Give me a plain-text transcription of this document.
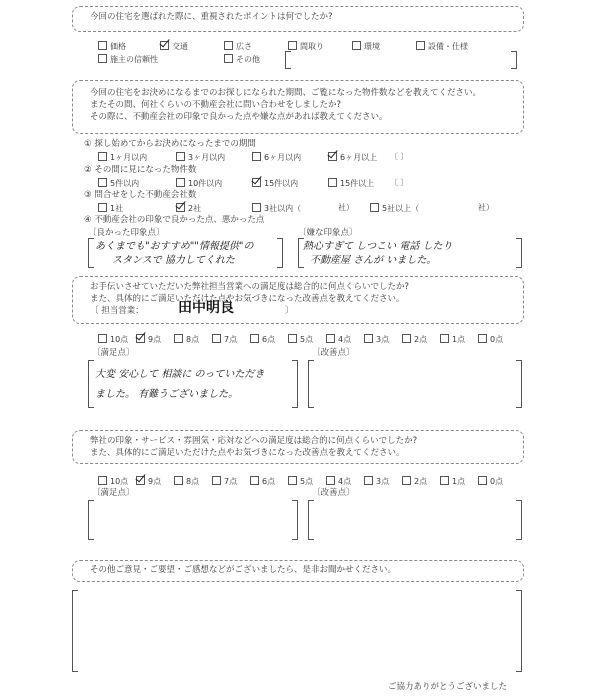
今回の住宅を選ばれた際に、重視されたポイントは何でしたか?
価格	交通	広さ	間取り	環境	設備・仕様
施主の信頼性	その他
今回の住宅をお決めになるまでのお探しになられた期間、ご覧になった物件数などを教えてください。
またその間、何社くらいの不動産会社に問い合わせをしましたか?
その際に、不動産会社の印象で良かった点や嫌な点があれば教えてください。
① 探し始めてからお決めになったまでの期間
1ヶ月以内	3ヶ月以内	6ヶ月以内	6ヶ月以上 〔 〕
② その間に見になった物件数
5件以内	10件以内	15件以内	15件以上 〔 〕
③ 問合せをした不動産会社数
1社	2社	3社以内（	社）	5社以上（	社）
④ 不動産会社の印象で良かった点、悪かった点
〔良かった印象点〕
あくまでも"おすすめ""情報提供"の
スタンスで 協力してくれた
〔嫌な印象点〕
熱心すぎて しつこい 電話 したり
不動産屋 さんが いました。
お手伝いさせていただいた弊社担当営業への満足度は総合的に何点くらいでしたか?
また、具体的にご満足いただけた点やお気づきになった改善点を教えてください。
〔 担当営業： 田中明良	〕
10点	9点	8点	7点	6点	5点	4点	3点	2点	1点	0点
〔満足点〕
大変 安心して 相談に のっていただき
ました。 有難うございました。
〔改善点〕
弊社の印象・サービス・雰囲気・応対などへの満足度は総合的に何点くらいでしたか?
また、具体的にご満足いただけた点やお気づきになった改善点を教えてください。
10点	9点	8点	7点	6点	5点	4点	3点	2点	1点	0点
〔満足点〕	〔改善点〕
その他ご意見・ご要望・ご感想などがございましたら、是非お聞かせください。
ご協力ありがとうございました
